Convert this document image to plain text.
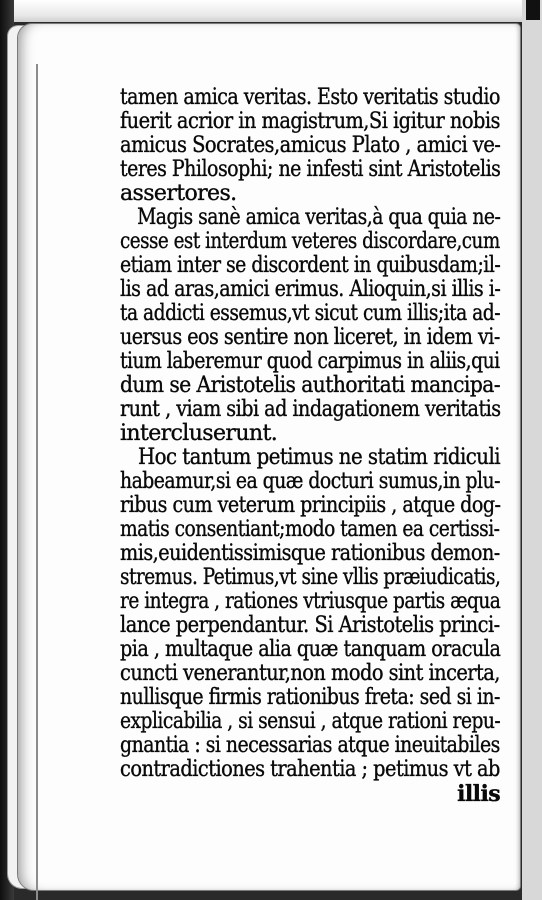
tamen amica veritas. Esto veritatis studio
fuerit acrior in magistrum,Si igitur nobis
amicus Socrates,amicus Plato , amici ve-
teres Philosophi; ne infesti sint Aristotelis
assertores.
Magis sanè amica veritas,à qua quia ne-
cesse est interdum veteres discordare,cum
etiam inter se discordent in quibusdam;il-
lis ad aras,amici erimus. Alioquin,si illis i-
ta addicti essemus,vt sicut cum illis;ita ad-
uersus eos sentire non liceret, in idem vi-
tium laberemur quod carpimus in aliis,qui
dum se Aristotelis authoritati mancipa-
runt , viam sibi ad indagationem veritatis
intercluserunt.
Hoc tantum petimus ne statim ridiculi
habeamur,si ea quæ docturi sumus,in plu-
ribus cum veterum principiis , atque dog-
matis consentiant;modo tamen ea certissi-
mis,euidentissimisque rationibus demon-
stremus. Petimus,vt sine vllis præiudicatis,
re integra , rationes vtriusque partis æqua
lance perpendantur. Si Aristotelis princi-
pia , multaque alia quæ tanquam oracula
cuncti venerantur,non modo sint incerta,
nullisque firmis rationibus freta: sed si in-
explicabilia , si sensui , atque rationi repu-
gnantia : si necessarias atque ineuitabiles
contradictiones trahentia ; petimus vt ab
illis
